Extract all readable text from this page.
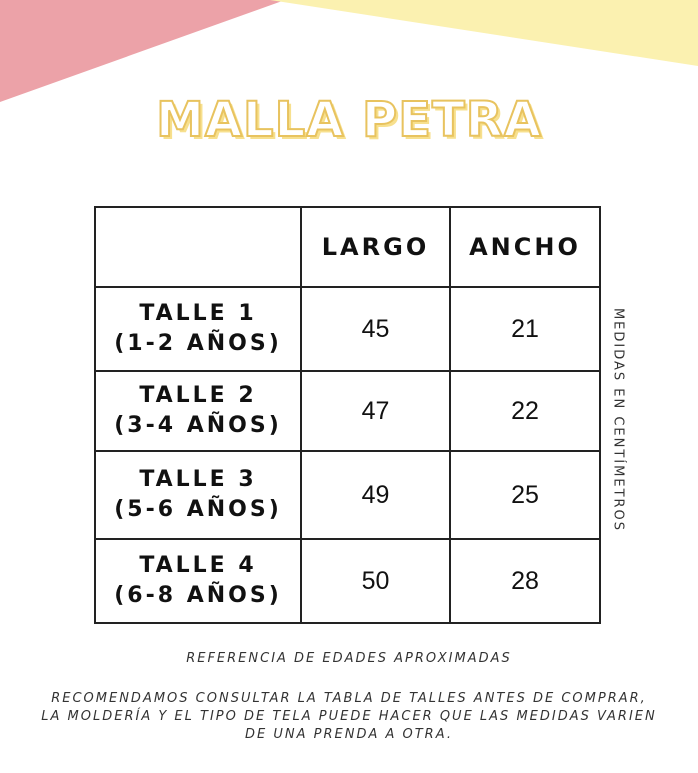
MALLA PETRA
	LARGO	ANCHO

TALLE 1
(1-2 AÑOS)	45	21

TALLE 2
(3-4 AÑOS)	47	22

TALLE 3
(5-6 AÑOS)	49	25

TALLE 4
(6-8 AÑOS)	50	28
MEDIDAS EN CENTÍMETROS
REFERENCIA DE EDADES APROXIMADAS
RECOMENDAMOS CONSULTAR LA TABLA DE TALLES ANTES DE COMPRAR,
LA MOLDERÍA Y EL TIPO DE TELA PUEDE HACER QUE LAS MEDIDAS VARIEN
DE UNA PRENDA A OTRA.
